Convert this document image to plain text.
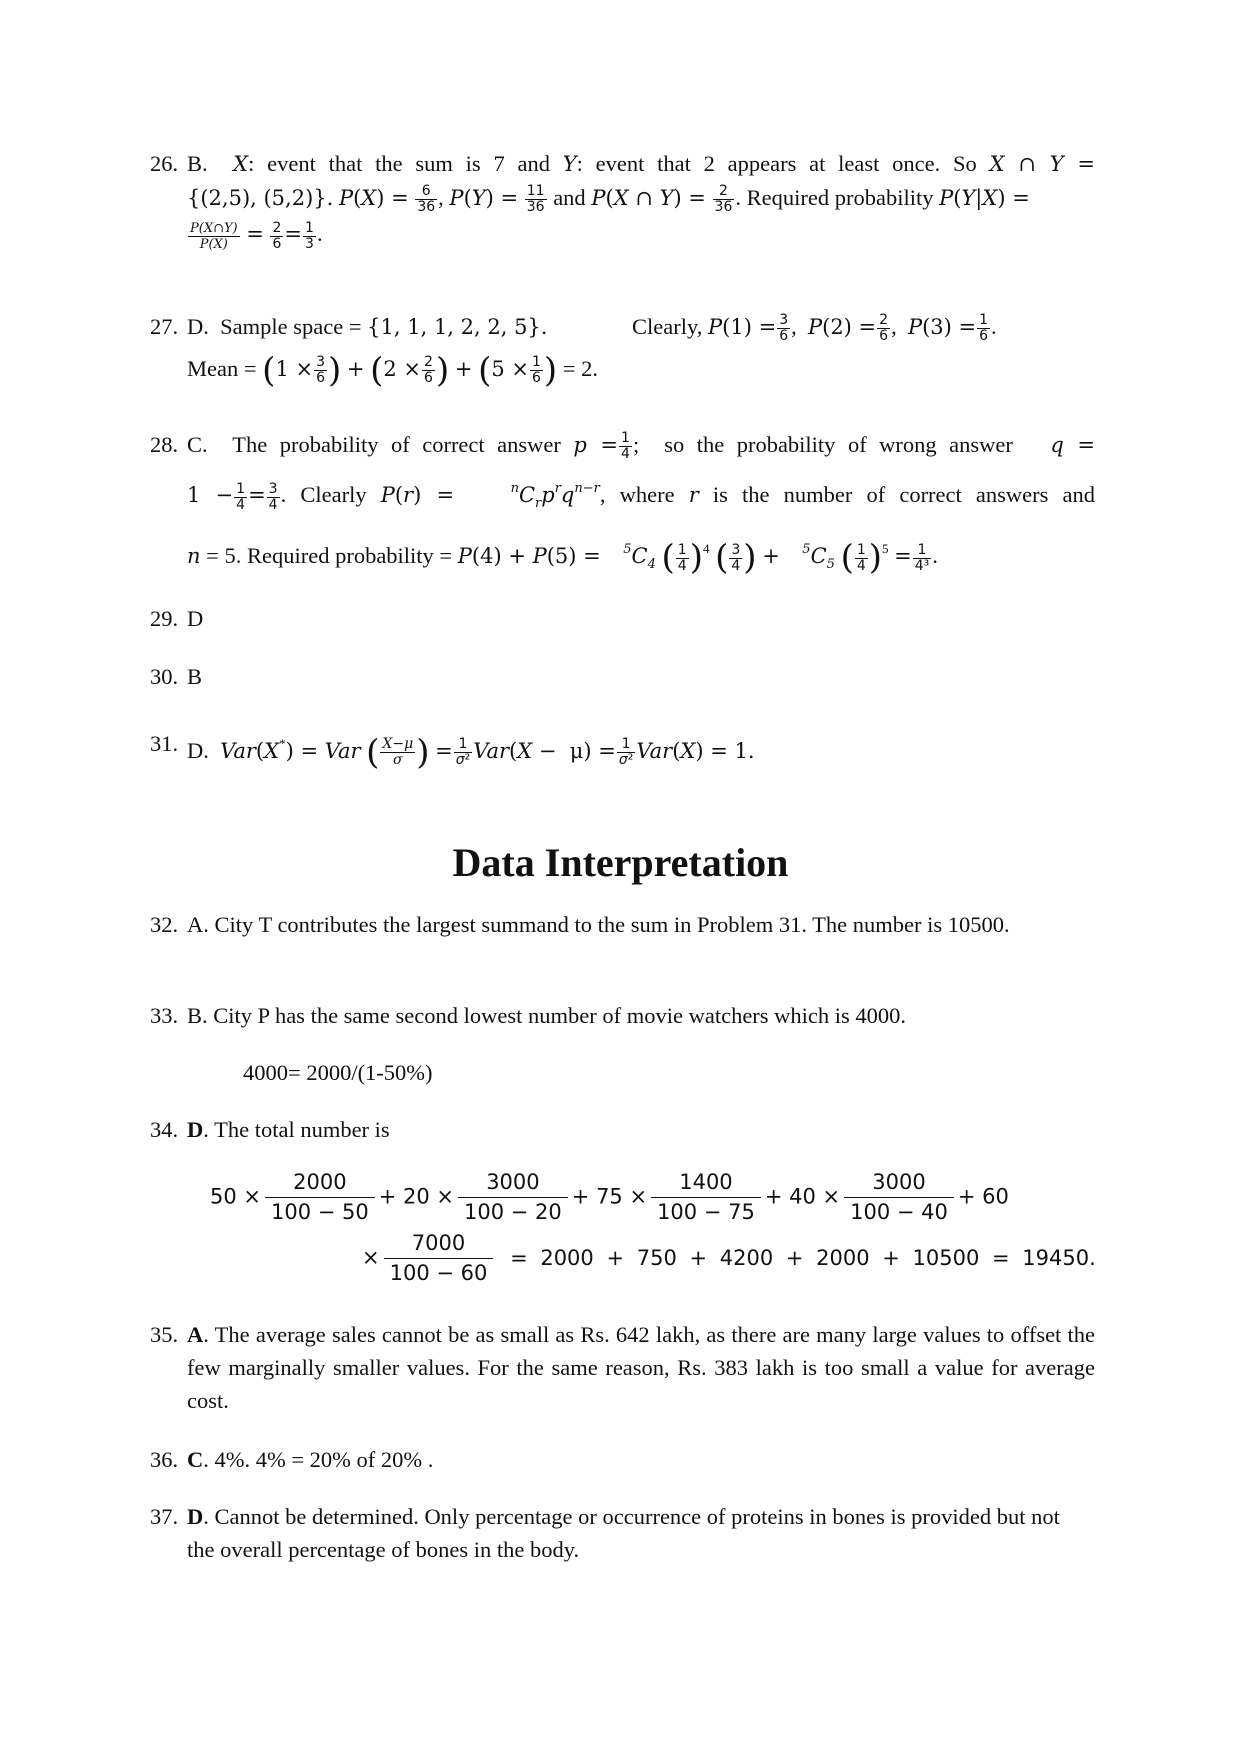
26. B. X: event that the sum is 7 and Y: event that 2 appears at least once. So X ∩ Y =
{(2,5), (5,2)}. $P(X) = \frac{6}{36}$ , $P(Y) = \frac{11}{36}$ and P(X ∩ $Y) = \frac{2}{36}$ . Required probability P(Y|X) =
$\frac{P(X\cap Y)}{P(X)} = \frac{2}{6} = \frac{1}{3}$ .
27. D. Sample space = {1, 1, 1, 2, 2, 5}.	Clearly, $P(1) = \frac{3}{6}$ ,  $P(2) = \frac{2}{6}$ ,  $P(3) = \frac{1}{6}$ .
Mean = ($1 \times \frac{3}{6}$ ) + ($2 \times \frac{2}{6}$ ) + ($5 \times \frac{1}{6}$ ) = 2.
28. C. The probability of correct answer $p = \frac{1}{4}$ ;  so the probability of wrong answer q =
$1 - \frac{1}{4} = \frac{3}{4}$ . Clearly P(r) =	$^nC_rp^rq^{n-r}$, where r is the number of correct answers and
n = 5. Required probability = $P(4) + P(5) = ^5C_4$ ( $\frac{1}{4} )^4$ ( $\frac{3}{4}$ ) + $^5C_5$ ( $\frac{1}{4} )^5 = \frac{1}{\text{4³}}$ .
29. D
30. B
31. D. Var(X*) = Var ( $\frac{X-\mu}{\sigma}$ ) = $\frac{1}{\text{σ²}} Var(X - \mu) = \frac{1}{\text{σ²}} Var(X) = 1$.
Data Interpretation
32. A. City T contributes the largest summand to the sum in Problem 31. The number is 10500.
33. B. City P has the same second lowest number of movie watchers which is 4000.
4000= 2000/(1-50%)
34. D. The total number is
$50 \times \frac{2000}{100 - 50} + 20 \times \frac{3000}{100 - 20} + 75 \times \frac{1400}{100 - 75} + 40 \times \frac{3000}{100 - 40} + 60$
× $\frac{7000}{100 - 60} = 2000 + 750 + 4200 + 2000 + 10500 = 19450$.
35. A. The average sales cannot be as small as Rs. 642 lakh, as there are many large values to offset the few marginally smaller values. For the same reason, Rs. 383 lakh is too small a value for average cost.
36. C. 4%. 4% = 20% of 20% .
37. D. Cannot be determined. Only percentage or occurrence of proteins in bones is provided but not the overall percentage of bones in the body.
